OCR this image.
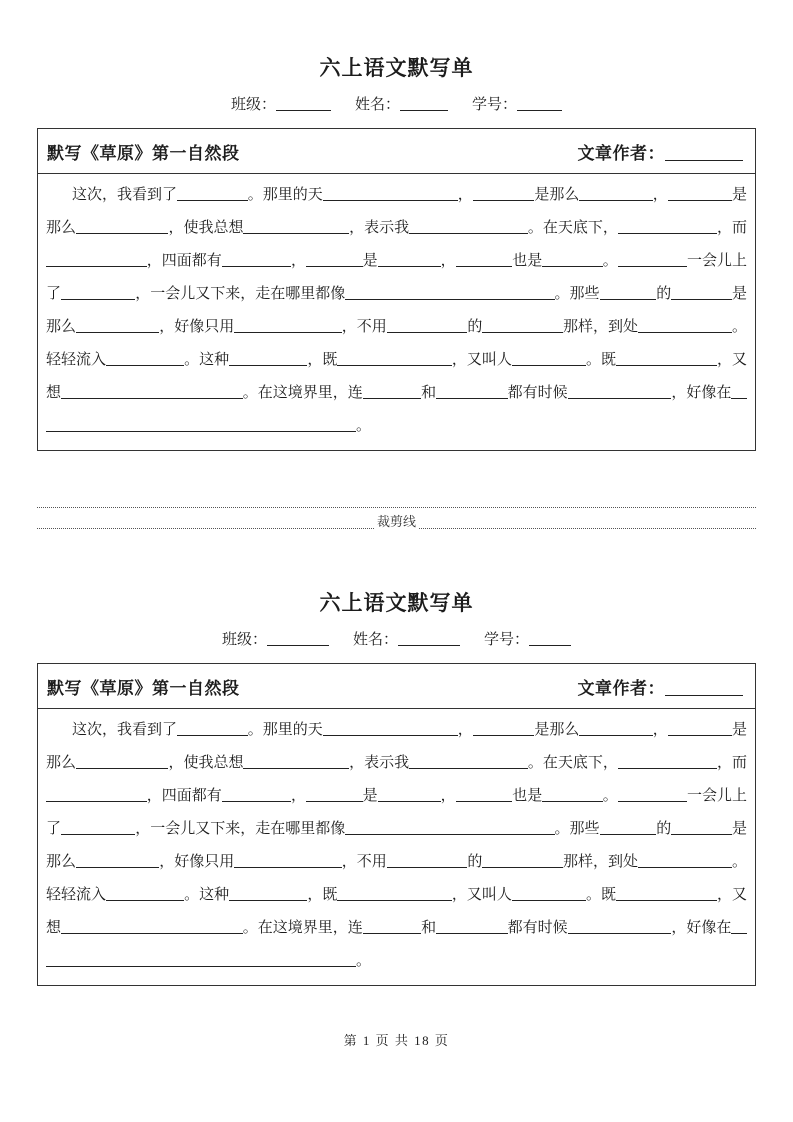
六上语文默写单
班级：	姓名：	学号：
默写《草原》第一自然段	文章作者：
这次，我看到了	。那里的天	，	是那么	，	是
那么	，使我总想	，表示我	。在天底下，	，而
，四面都有	，	是	，	也是	。	一会儿上
了	，一会儿又下来，走在哪里都像	。那些	的	是
那么	，好像只用	，不用	的	那样，到处	。
轻轻流入	。这种	，既	，又叫人	。既	，又
想	。在这境界里，连	和	都有时候	，好像在
。
裁剪线
六上语文默写单
班级：	姓名：	学号：
默写《草原》第一自然段	文章作者：
这次，我看到了	。那里的天	，	是那么	，	是
那么	，使我总想	，表示我	。在天底下，	，而
，四面都有	，	是	，	也是	。	一会儿上
了	，一会儿又下来，走在哪里都像	。那些	的	是
那么	，好像只用	，不用	的	那样，到处	。
轻轻流入	。这种	，既	，又叫人	。既	，又
想	。在这境界里，连	和	都有时候	，好像在
。
第 1 页 共 18 页
